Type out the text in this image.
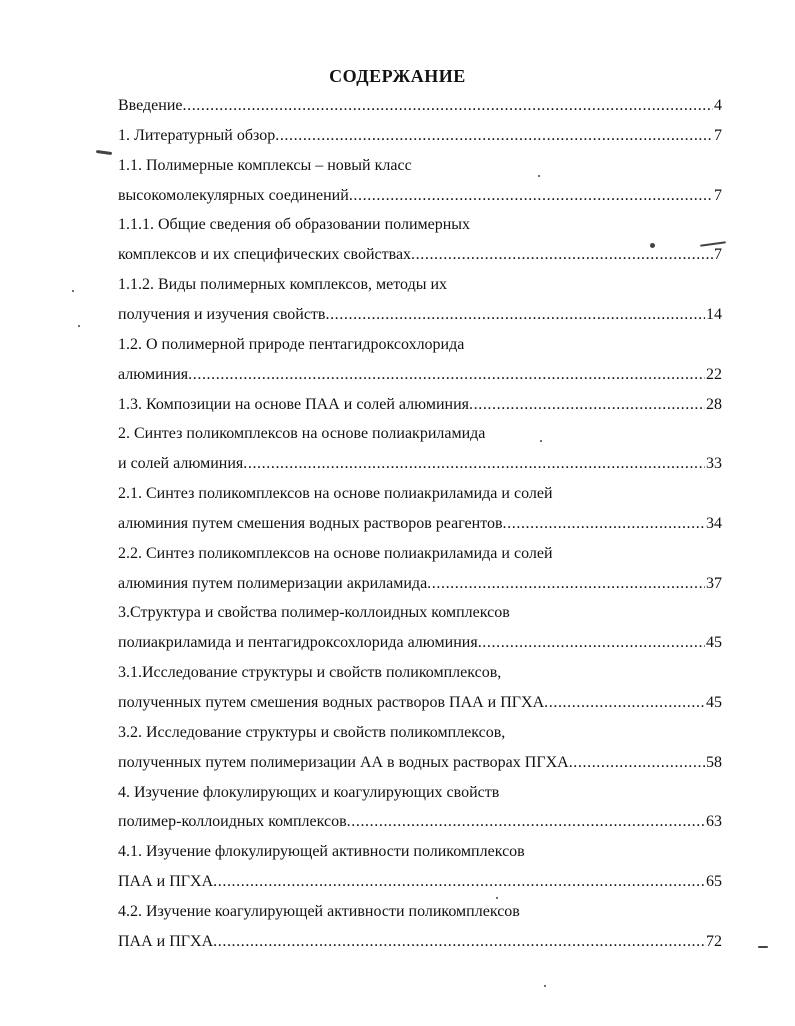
СОДЕРЖАНИЕ
Введение .....	4
1. Литературный обзор .....	7
1.1. Полимерные комплексы – новый класс
высокомолекулярных соединений .....	7
1.1.1. Общие сведения об образовании полимерных
комплексов и их специфических свойствах .....	7
1.1.2. Виды полимерных комплексов, методы их
получения и изучения свойств .....	14
1.2. О полимерной природе пентагидроксохлорида
алюминия .....	22
1.3. Композиции на основе ПАА и солей алюминия .....	28
2. Синтез поликомплексов на основе полиакриламида
и солей алюминия .....	33
2.1. Синтез поликомплексов на основе полиакриламида и солей
алюминия путем смешения водных растворов реагентов .....	34
2.2. Синтез поликомплексов на основе полиакриламида и солей
алюминия путем полимеризации акриламида .....	37
3.Структура и свойства полимер-коллоидных комплексов
полиакриламида и пентагидроксохлорида алюминия .....	45
3.1.Исследование структуры и свойств поликомплексов,
полученных путем смешения водных растворов ПАА и ПГХА .....	45
3.2. Исследование структуры и свойств поликомплексов,
полученных путем полимеризации АА в водных растворах ПГХА .....	58
4. Изучение флокулирующих и коагулирующих свойств
полимер-коллоидных комплексов .....	63
4.1. Изучение флокулирующей активности поликомплексов
ПАА и ПГХА .....	65
4.2. Изучение коагулирующей активности поликомплексов
ПАА и ПГХА .....	72
